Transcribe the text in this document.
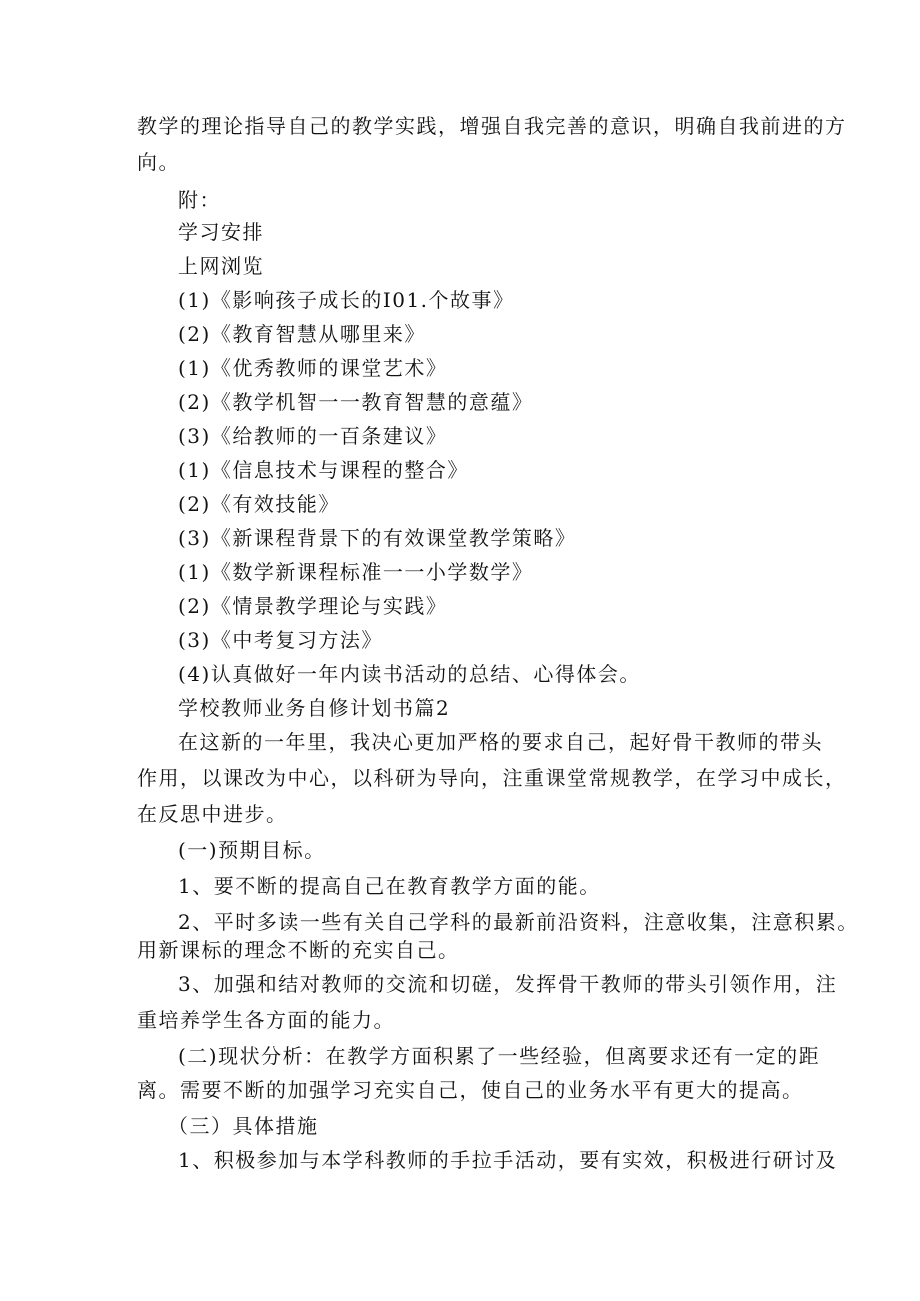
教学的理论指导自己的教学实践，增强自我完善的意识，明确自我前进的方
向。
附：
学习安排
上网浏览
(1)《影响孩子成长的I01.个故事》
(2)《教育智慧从哪里来》
(1)《优秀教师的课堂艺术》
(2)《教学机智一一教育智慧的意蕴》
(3)《给教师的一百条建议》
(1)《信息技术与课程的整合》
(2)《有效技能》
(3)《新课程背景下的有效课堂教学策略》
(1)《数学新课程标准一一小学数学》
(2)《情景教学理论与实践》
(3)《中考复习方法》
(4)认真做好一年内读书活动的总结、心得体会。
学校教师业务自修计划书篇2
在这新的一年里，我决心更加严格的要求自己，起好骨干教师的带头
作用，以课改为中心，以科研为导向，注重课堂常规教学，在学习中成长，
在反思中进步。
(一)预期目标。
1、要不断的提高自己在教育教学方面的能。
2、平时多读一些有关自己学科的最新前沿资料，注意收集，注意积累。
用新课标的理念不断的充实自己。
3、加强和结对教师的交流和切磋，发挥骨干教师的带头引领作用，注
重培养学生各方面的能力。
(二)现状分析：在教学方面积累了一些经验，但离要求还有一定的距
离。需要不断的加强学习充实自己，使自己的业务水平有更大的提高。
（三）具体措施
1、积极参加与本学科教师的手拉手活动，要有实效，积极进行研讨及
